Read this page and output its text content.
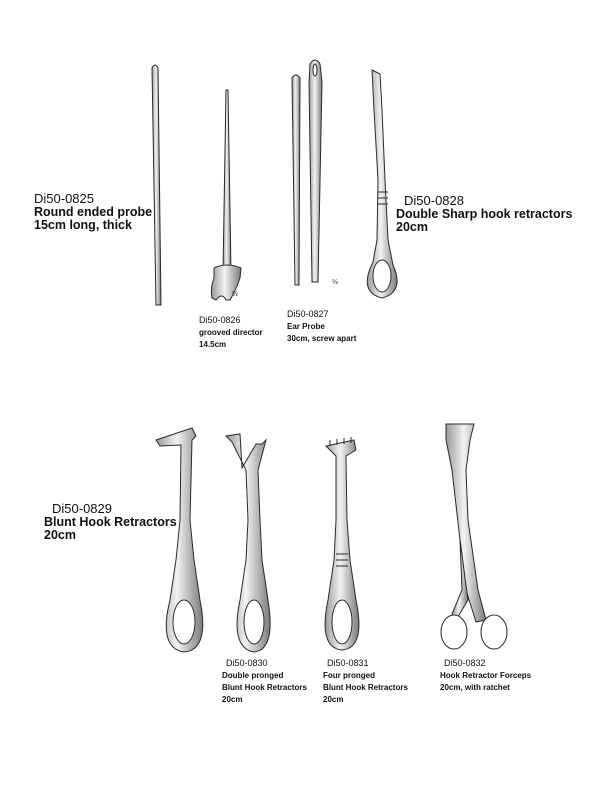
½
½
Di50-0825
Round ended probe
15cm long, thick
Di50-0826
grooved director
14.5cm
Di50-0827
Ear Probe
30cm, screw apart
Di50-0828
Double Sharp hook retractors
20cm
Di50-0829
Blunt Hook Retractors
20cm
Di50-0830
Double pronged
Blunt Hook Retractors
20cm
Di50-0831
Four pronged
Blunt Hook Retractors
20cm
Di50-0832
Hook Retractor Forceps
20cm, with ratchet
